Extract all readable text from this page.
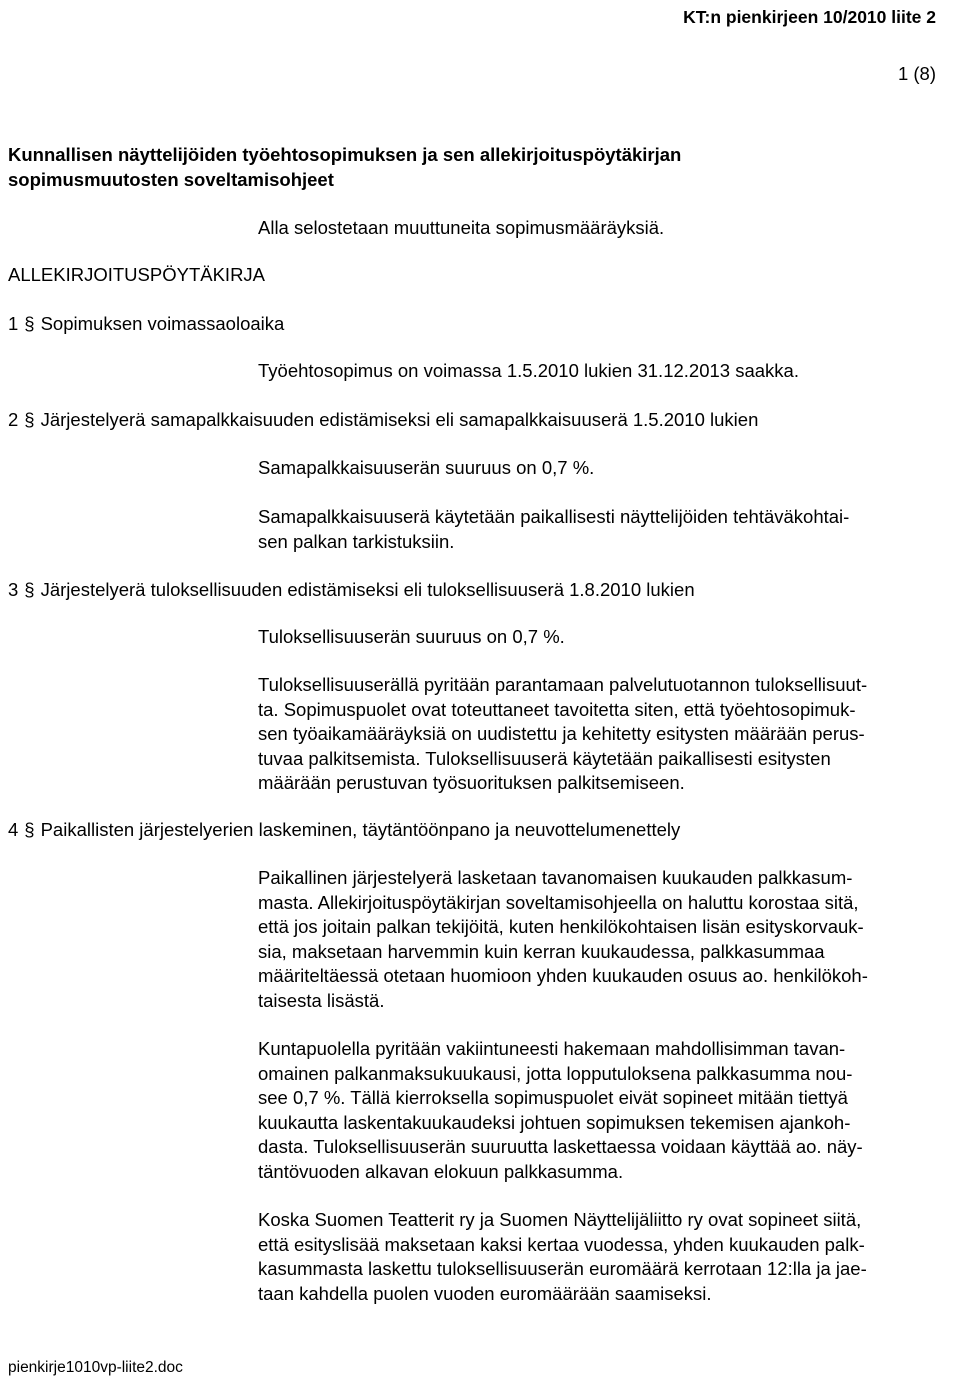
KT:n pienkirjeen 10/2010 liite 2
1 (8)
Kunnallisen näyttelijöiden työehtosopimuksen ja sen allekirjoituspöytäkirjan
sopimusmuutosten soveltamisohjeet
Alla selostetaan muuttuneita sopimusmääräyksiä.
ALLEKIRJOITUSPÖYTÄKIRJA
1 § Sopimuksen voimassaoloaika
Työehtosopimus on voimassa 1.5.2010 lukien 31.12.2013 saakka.
2 § Järjestelyerä samapalkkaisuuden edistämiseksi eli samapalkkaisuuserä 1.5.2010 lukien
Samapalkkaisuuserän suuruus on 0,7 %.
Samapalkkaisuuserä käytetään paikallisesti näyttelijöiden tehtäväkohtai-
sen palkan tarkistuksiin.
3 § Järjestelyerä tuloksellisuuden edistämiseksi eli tuloksellisuuserä 1.8.2010 lukien
Tuloksellisuuserän suuruus on 0,7 %.
Tuloksellisuuserällä pyritään parantamaan palvelutuotannon tuloksellisuut-
ta. Sopimuspuolet ovat toteuttaneet tavoitetta siten, että työehtosopimuk-
sen työaikamääräyksiä on uudistettu ja kehitetty esitysten määrään perus-
tuvaa palkitsemista. Tuloksellisuuserä käytetään paikallisesti esitysten
määrään perustuvan työsuorituksen palkitsemiseen.
4 § Paikallisten järjestelyerien laskeminen, täytäntöönpano ja neuvottelumenettely
Paikallinen järjestelyerä lasketaan tavanomaisen kuukauden palkkasum-
masta. Allekirjoituspöytäkirjan soveltamisohjeella on haluttu korostaa sitä,
että jos joitain palkan tekijöitä, kuten henkilökohtaisen lisän esityskorvauk-
sia, maksetaan harvemmin kuin kerran kuukaudessa, palkkasummaa
määriteltäessä otetaan huomioon yhden kuukauden osuus ao. henkilökoh-
taisesta lisästä.
Kuntapuolella pyritään vakiintuneesti hakemaan mahdollisimman tavan-
omainen palkanmaksukuukausi, jotta lopputuloksena palkkasumma nou-
see 0,7 %. Tällä kierroksella sopimuspuolet eivät sopineet mitään tiettyä
kuukautta laskentakuukaudeksi johtuen sopimuksen tekemisen ajankoh-
dasta. Tuloksellisuuserän suuruutta laskettaessa voidaan käyttää ao. näy-
täntövuoden alkavan elokuun palkkasumma.
Koska Suomen Teatterit ry ja Suomen Näyttelijäliitto ry ovat sopineet siitä,
että esityslisää maksetaan kaksi kertaa vuodessa, yhden kuukauden palk-
kasummasta laskettu tuloksellisuuserän euromäärä kerrotaan 12:lla ja jae-
taan kahdella puolen vuoden euromäärään saamiseksi.
pienkirje1010vp-liite2.doc
